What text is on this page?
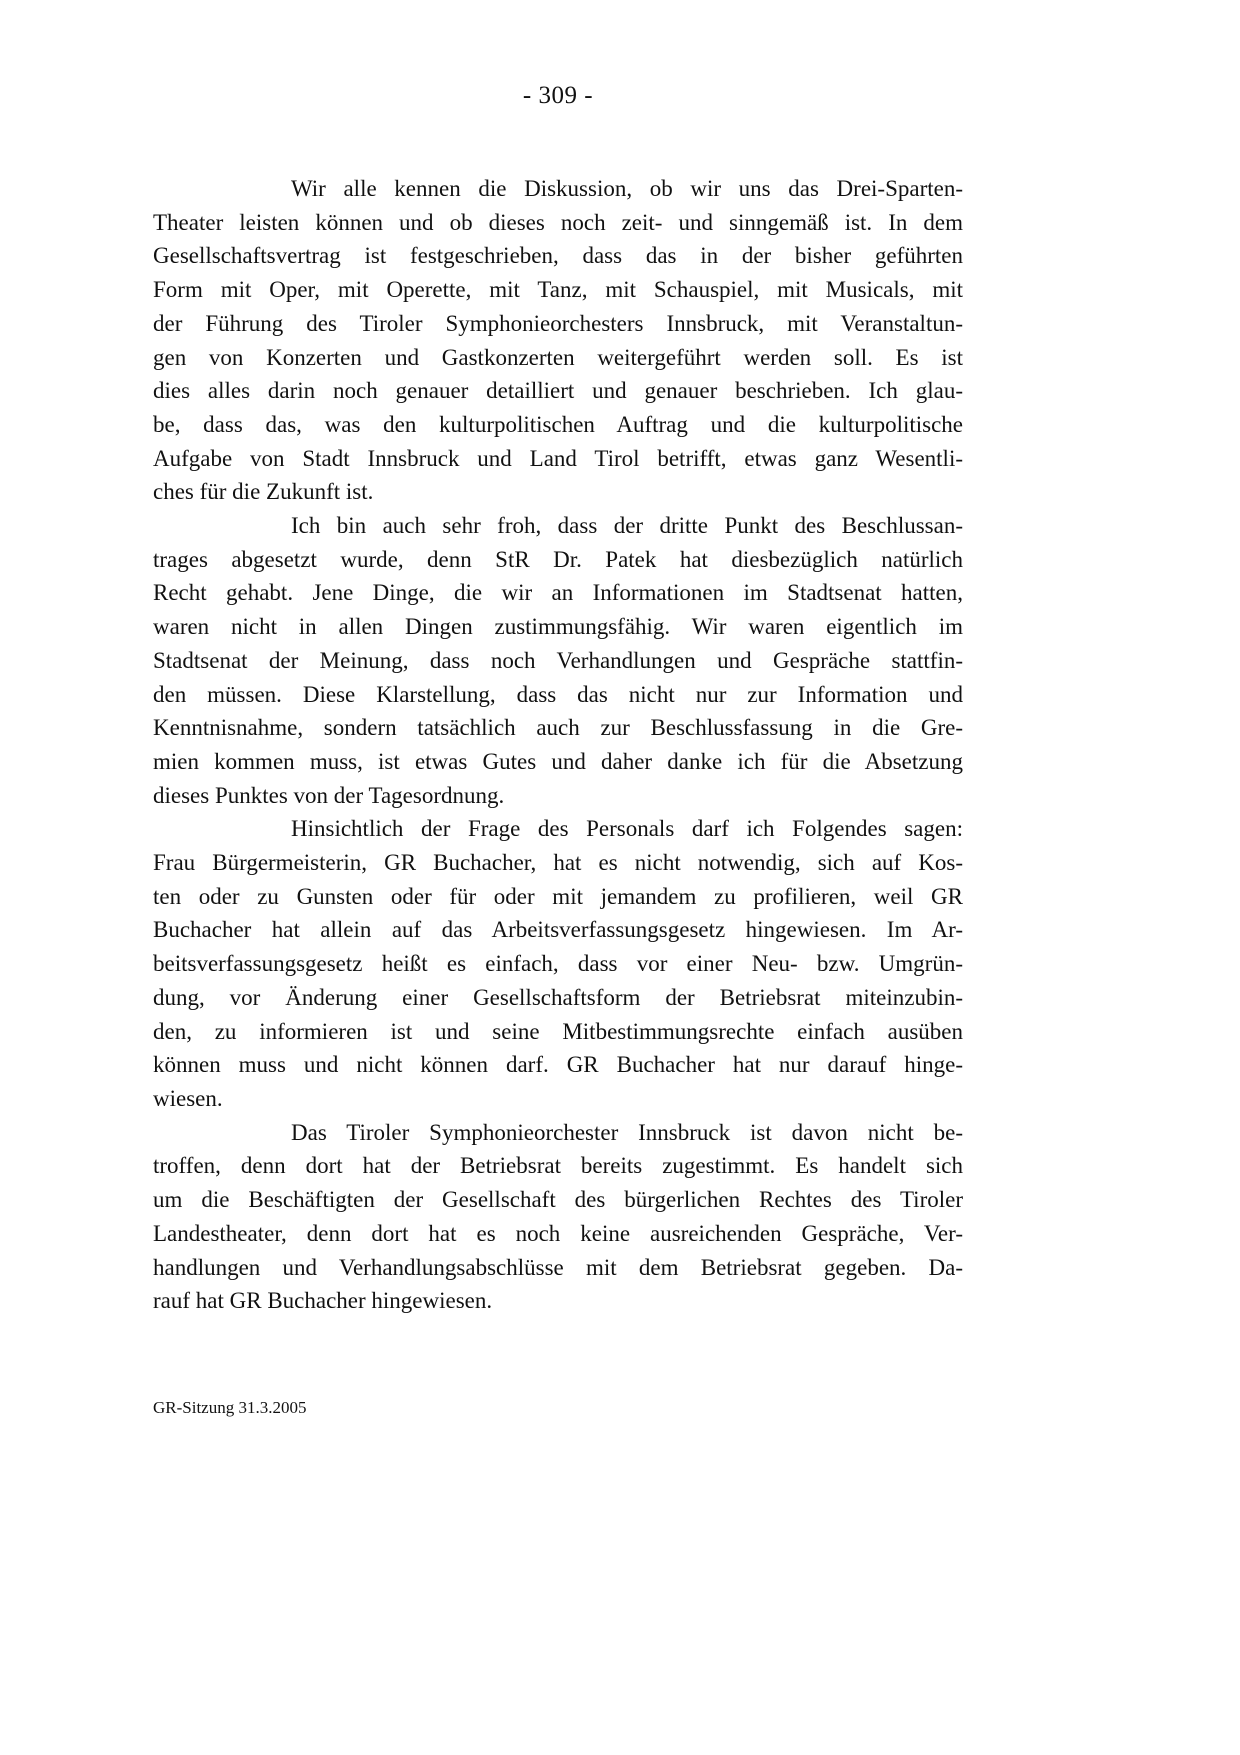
- 309 -
Wir alle kennen die Diskussion, ob wir uns das Drei-Sparten-
Theater leisten können und ob dieses noch zeit- und sinngemäß ist. In dem
Gesellschaftsvertrag ist festgeschrieben, dass das in der bisher geführten
Form mit Oper, mit Operette, mit Tanz, mit Schauspiel, mit Musicals, mit
der Führung des Tiroler Symphonieorchesters Innsbruck, mit Veranstaltun-
gen von Konzerten und Gastkonzerten weitergeführt werden soll. Es ist
dies alles darin noch genauer detailliert und genauer beschrieben. Ich glau-
be, dass das, was den kulturpolitischen Auftrag und die kulturpolitische
Aufgabe von Stadt Innsbruck und Land Tirol betrifft, etwas ganz Wesentli-
ches für die Zukunft ist.
Ich bin auch sehr froh, dass der dritte Punkt des Beschlussan-
trages abgesetzt wurde, denn StR Dr. Patek hat diesbezüglich natürlich
Recht gehabt. Jene Dinge, die wir an Informationen im Stadtsenat hatten,
waren nicht in allen Dingen zustimmungsfähig. Wir waren eigentlich im
Stadtsenat der Meinung, dass noch Verhandlungen und Gespräche stattfin-
den müssen. Diese Klarstellung, dass das nicht nur zur Information und
Kenntnisnahme, sondern tatsächlich auch zur Beschlussfassung in die Gre-
mien kommen muss, ist etwas Gutes und daher danke ich für die Absetzung
dieses Punktes von der Tagesordnung.
Hinsichtlich der Frage des Personals darf ich Folgendes sagen:
Frau Bürgermeisterin, GR Buchacher, hat es nicht notwendig, sich auf Kos-
ten oder zu Gunsten oder für oder mit jemandem zu profilieren, weil GR
Buchacher hat allein auf das Arbeitsverfassungsgesetz hingewiesen. Im Ar-
beitsverfassungsgesetz heißt es einfach, dass vor einer Neu- bzw. Umgrün-
dung, vor Änderung einer Gesellschaftsform der Betriebsrat miteinzubin-
den, zu informieren ist und seine Mitbestimmungsrechte einfach ausüben
können muss und nicht können darf. GR Buchacher hat nur darauf hinge-
wiesen.
Das Tiroler Symphonieorchester Innsbruck ist davon nicht be-
troffen, denn dort hat der Betriebsrat bereits zugestimmt. Es handelt sich
um die Beschäftigten der Gesellschaft des bürgerlichen Rechtes des Tiroler
Landestheater, denn dort hat es noch keine ausreichenden Gespräche, Ver-
handlungen und Verhandlungsabschlüsse mit dem Betriebsrat gegeben. Da-
rauf hat GR Buchacher hingewiesen.
GR-Sitzung 31.3.2005
